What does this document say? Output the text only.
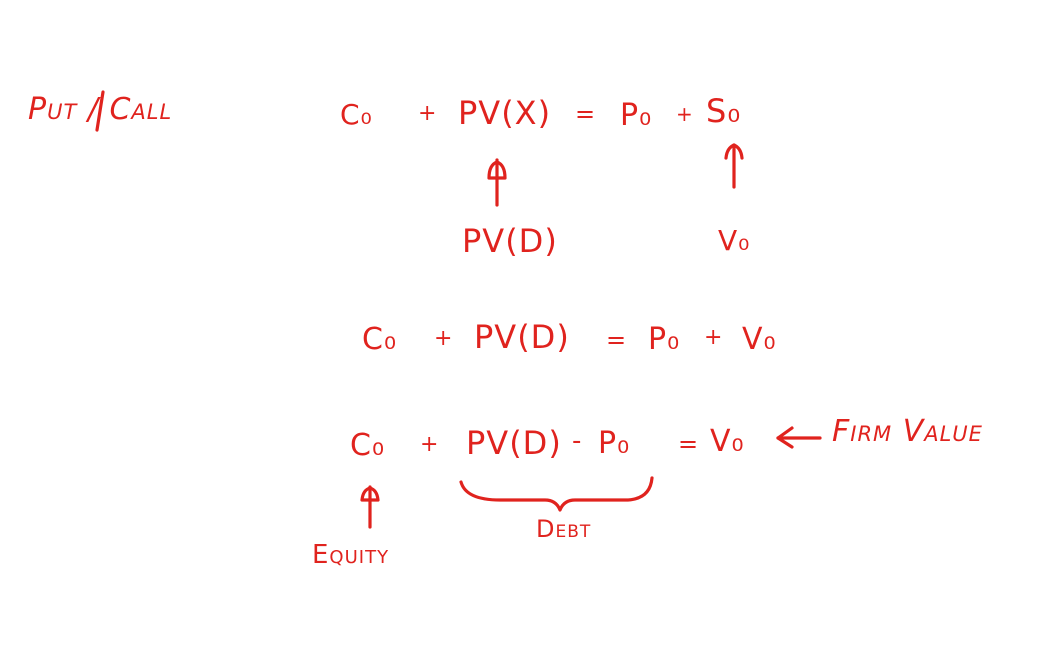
Put / Call	C₀ + PV(X) = P₀ + S₀
PV(D)	V₀
C₀ + PV(D) = P₀ + V₀
C₀ + PV(D) - P₀ = V₀	Firm Value
Equity
Debt
